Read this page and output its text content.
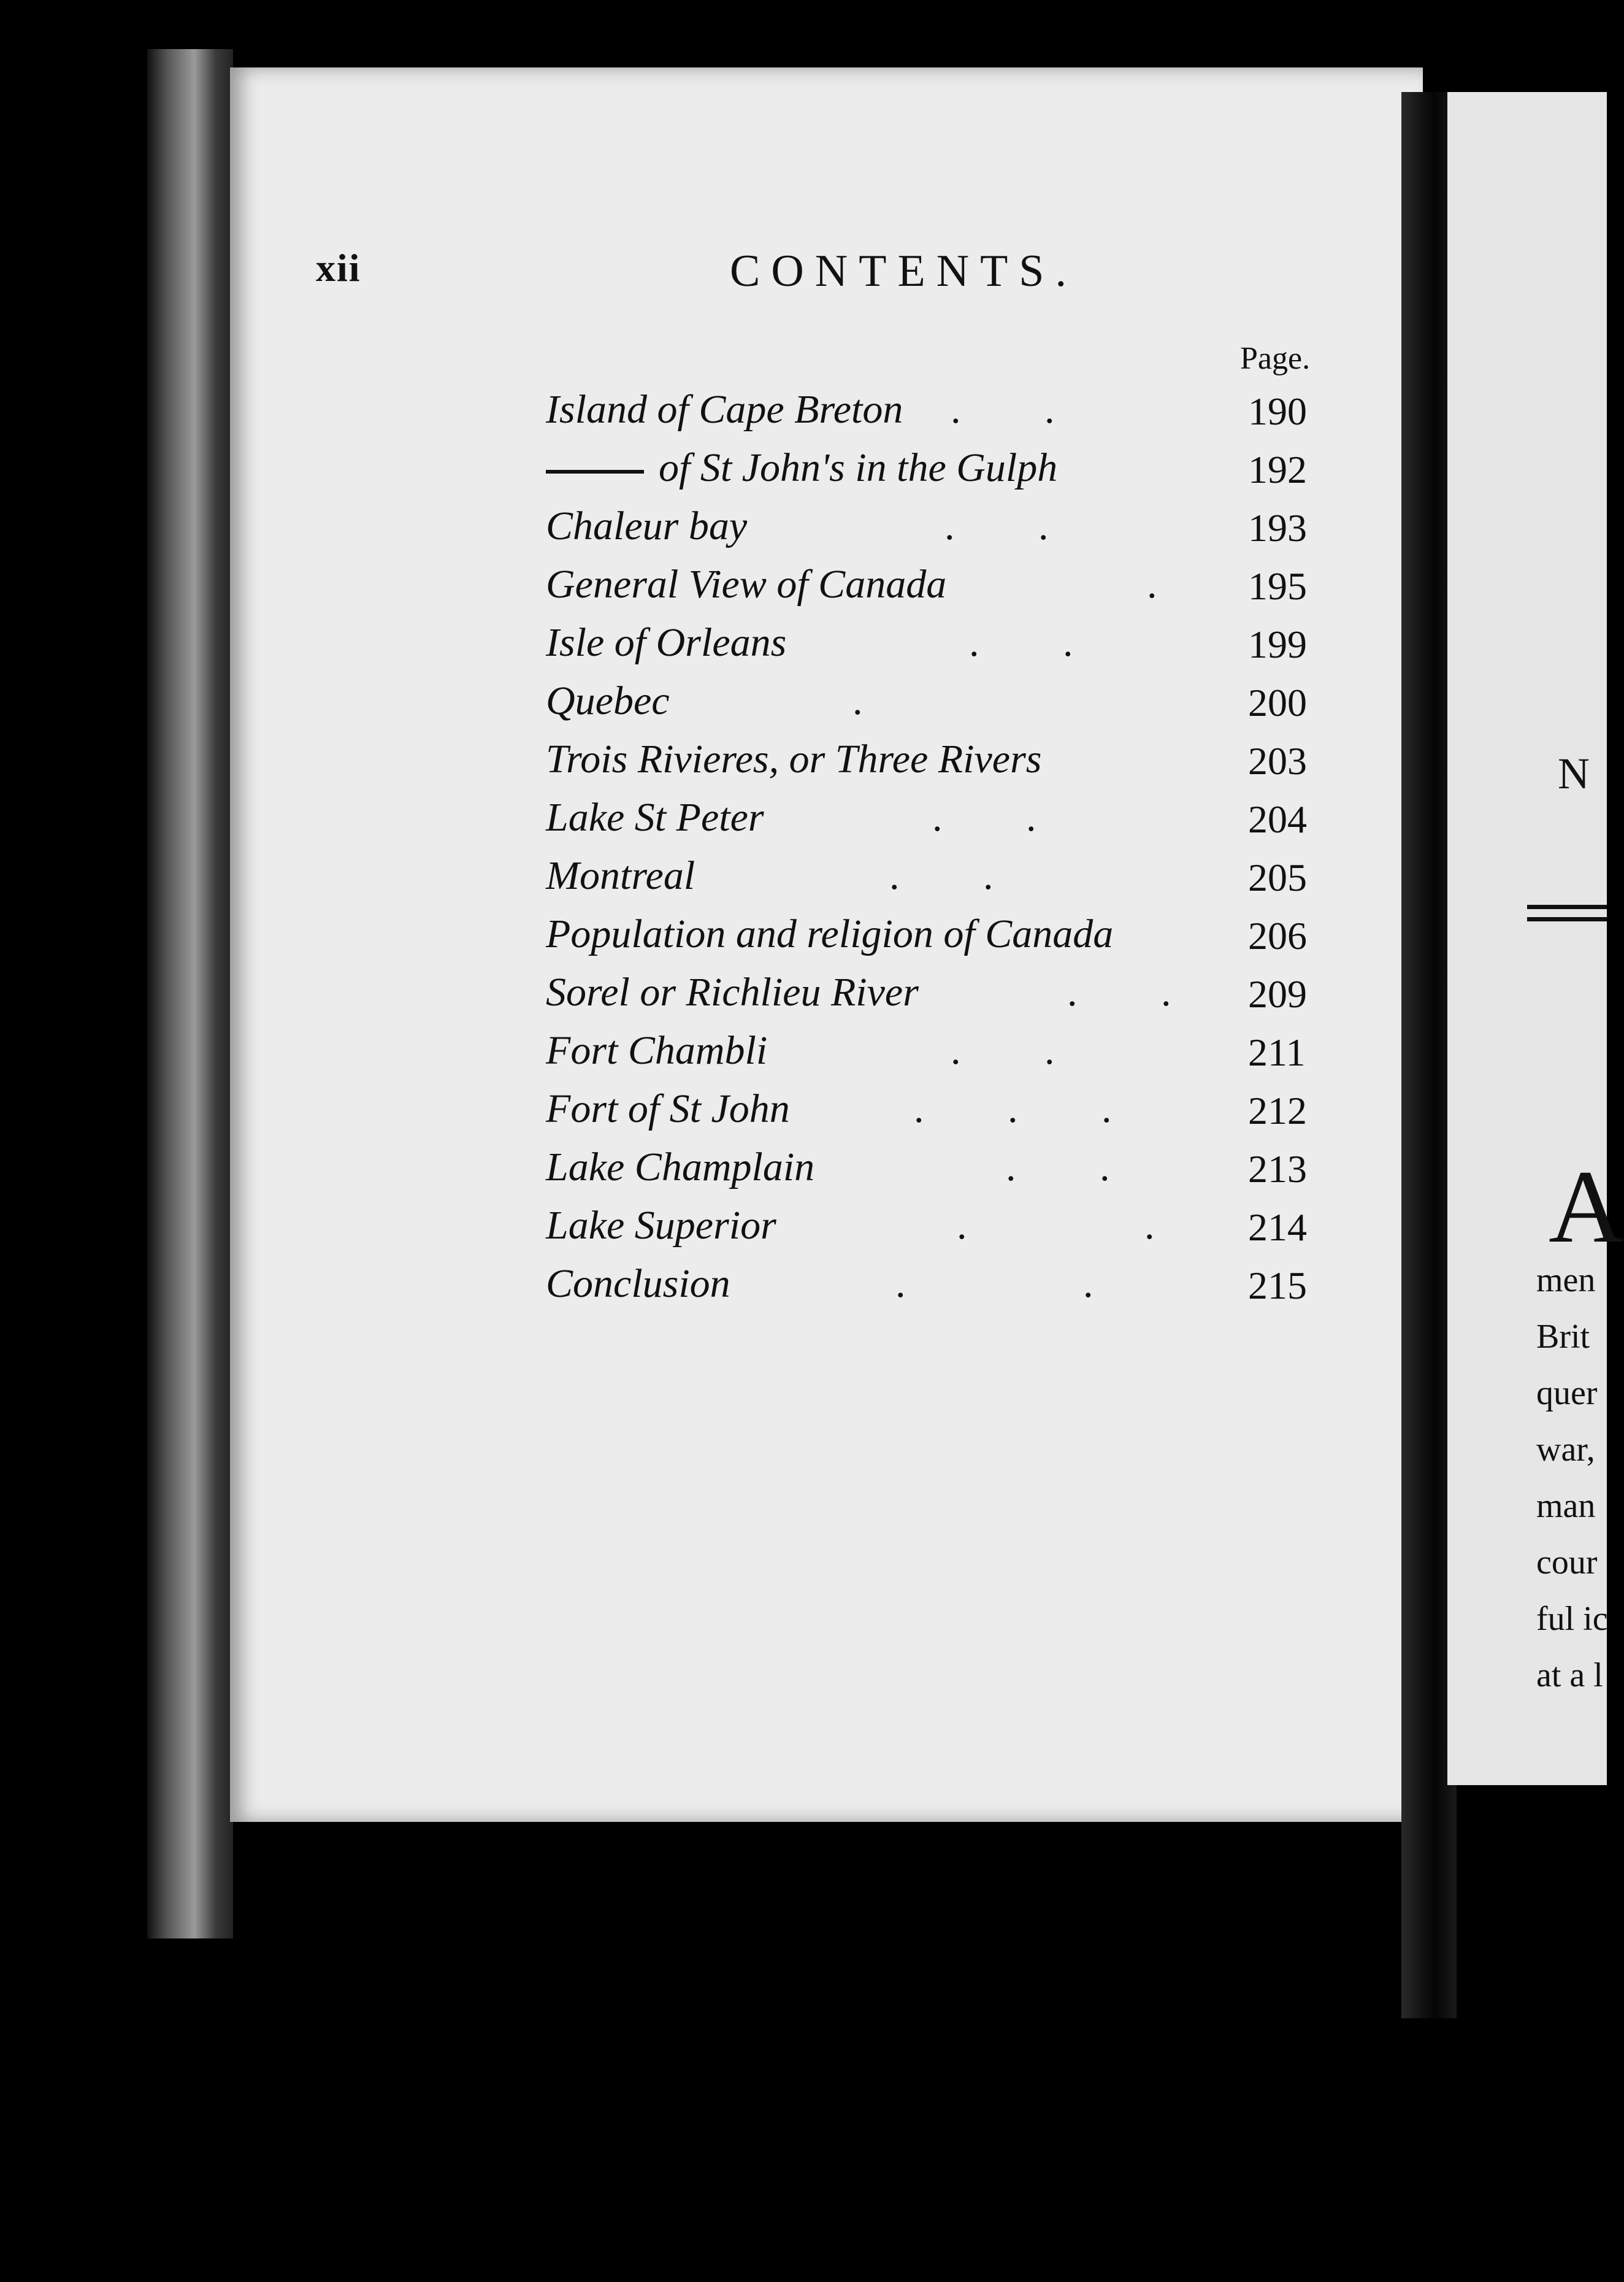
xii	CONTENTS.
Page.
Island of Cape Breton . .	190
of St John's in the Gulph	192
Chaleur bay	. .	193
General View of Canada	. 195
Isle of Orleans	. .	199
Quebec	.	200
Trois Rivieres, or Three Rivers	203
Lake St Peter	. .	204
Montreal	. .	205
Population and religion of Canada	206
Sorel or Richlieu River	. . 209
Fort Chambli	. .	211
Fort of St John	. . .	212
Lake Champlain	. .	213
Lake Superior	.   . 214
Conclusion	.   .	215
N
A
men
Brit
quer
war,
man
cour
ful ic
at a l
